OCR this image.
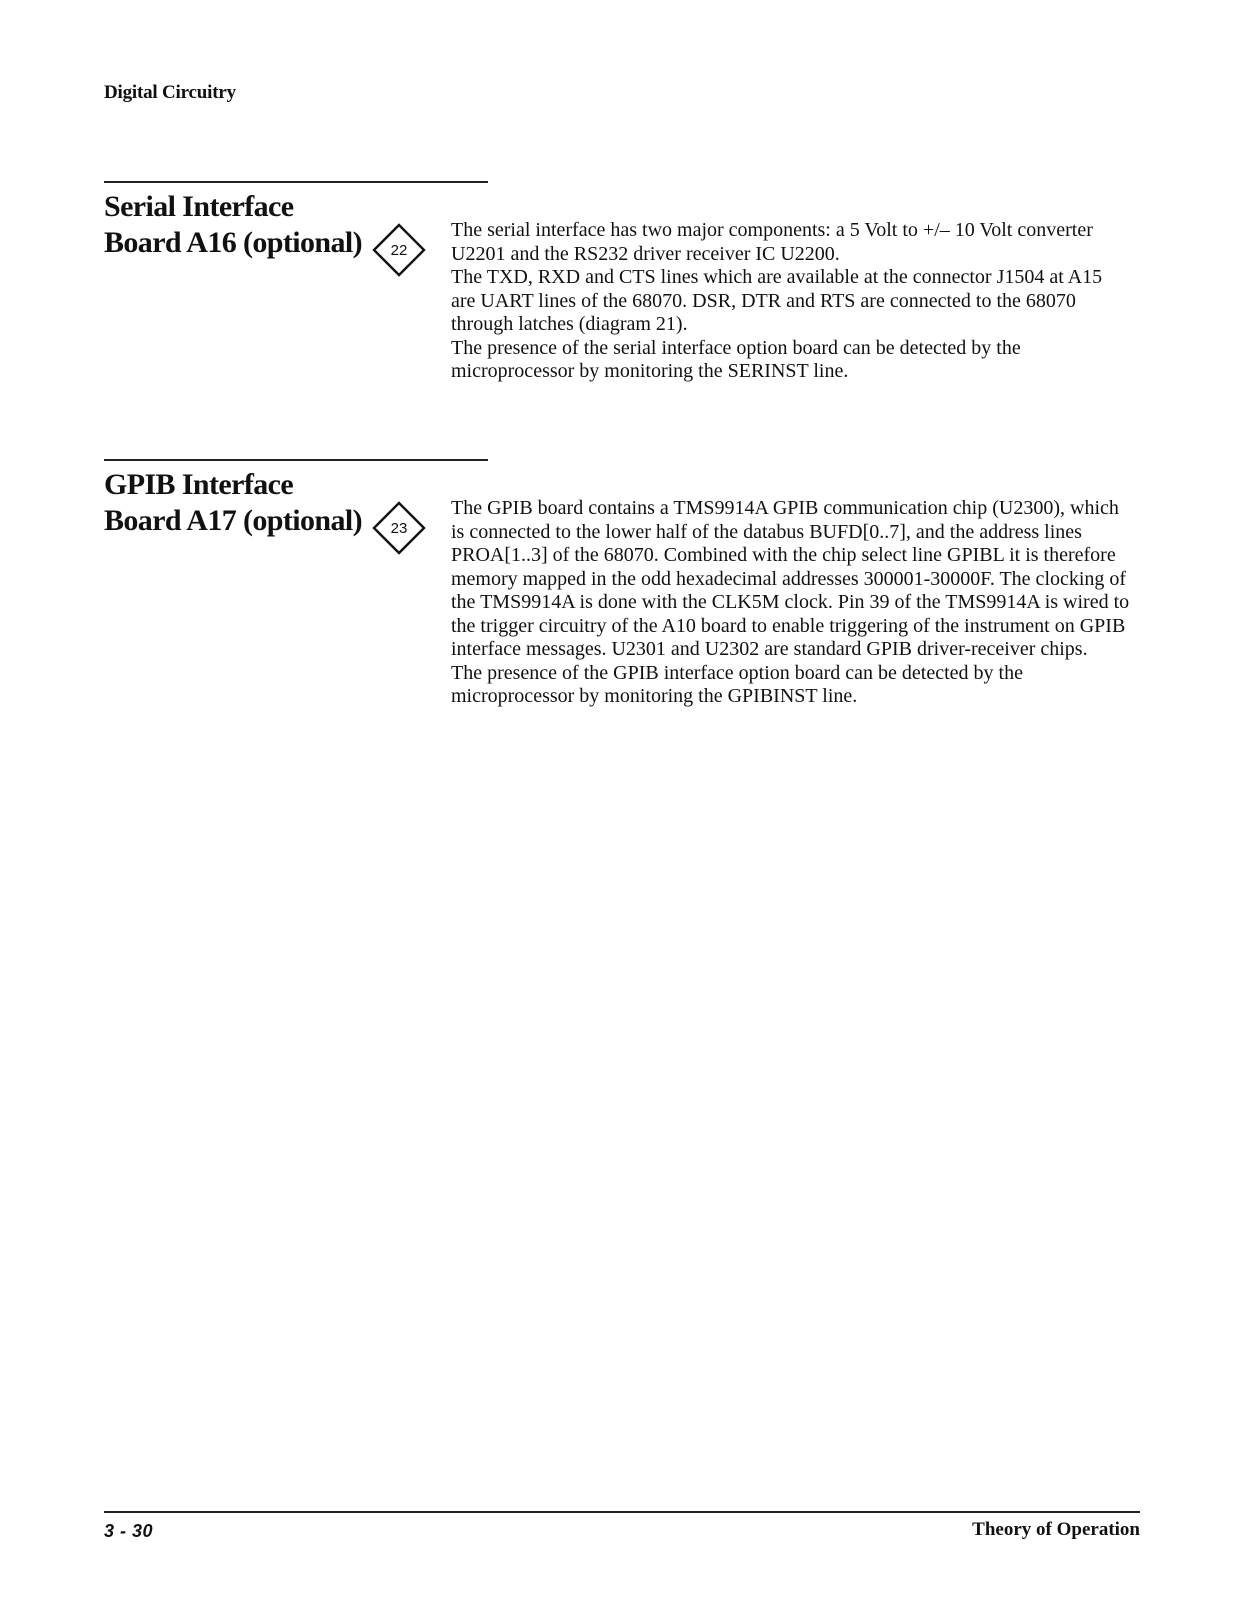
Digital Circuitry
Serial Interface
Board A16 (optional) 22

The serial interface has two major components: a 5 Volt to +/– 10 Volt converter U2201 and the RS232 driver receiver IC U2200.

The TXD, RXD and CTS lines which are available at the connector J1504 at A15 are UART lines of the 68070. DSR, DTR and RTS are connected to the 68070 through latches (diagram 21).

The presence of the serial interface option board can be detected by the microprocessor by monitoring the SERINST line.

GPIB Interface
Board A17 (optional) 23

The GPIB board contains a TMS9914A GPIB communication chip (U2300), which is connected to the lower half of the databus BUFD[0..7], and the address lines PROA[1..3] of the 68070. Combined with the chip select line GPIBL it is therefore memory mapped in the odd hexadecimal addresses 300001-30000F. The clocking of the TMS9914A is done with the CLK5M clock. Pin 39 of the TMS9914A is wired to the trigger circuitry of the A10 board to enable triggering of the instrument on GPIB interface messages. U2301 and U2302 are standard GPIB driver-receiver chips.

The presence of the GPIB interface option board can be detected by the microprocessor by monitoring the GPIBINST line.

3 - 30	Theory of Operation
